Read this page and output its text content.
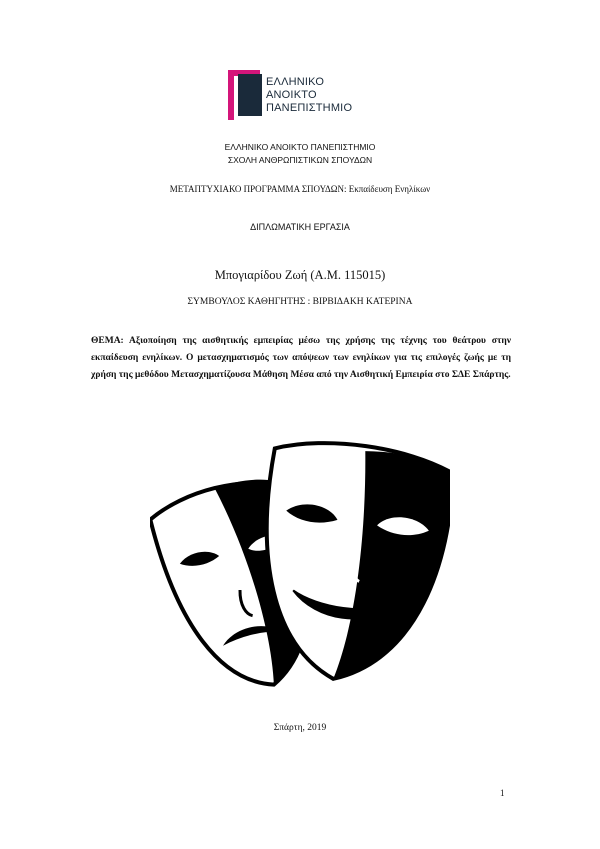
ΕΛΛΗΝΙΚΟ
ΑΝΟΙΚΤΟ
ΠΑΝΕΠΙΣΤΗΜΙΟ
ΕΛΛΗΝΙΚΟ ΑΝΟΙΚΤΟ ΠΑΝΕΠΙΣΤΗΜΙΟ
ΣΧΟΛΗ ΑΝΘΡΩΠΙΣΤΙΚΩΝ ΣΠΟΥΔΩΝ
ΜΕΤΑΠΤΥΧΙΑΚΟ ΠΡΟΓΡΑΜΜΑ ΣΠΟΥΔΩΝ: Εκπαίδευση Ενηλίκων
ΔΙΠΛΩΜΑΤΙΚΗ ΕΡΓΑΣΙΑ
Μπογιαρίδου Ζωή (Α.Μ. 115015)
ΣΥΜΒΟΥΛΟΣ ΚΑΘΗΓΗΤΗΣ : ΒΙΡΒΙΔΑΚΗ ΚΑΤΕΡΙΝΑ
ΘΕΜΑ: Αξιοποίηση της αισθητικής εμπειρίας μέσω της χρήσης της τέχνης του θεάτρου στην εκπαίδευση ενηλίκων. Ο μετασχηματισμός των απόψεων των ενηλίκων για τις επιλογές ζωής με τη χρήση της μεθόδου Μετασχηματίζουσα Μάθηση Μέσα από την Αισθητική Εμπειρία στο ΣΔΕ Σπάρτης.
Σπάρτη, 2019
1
